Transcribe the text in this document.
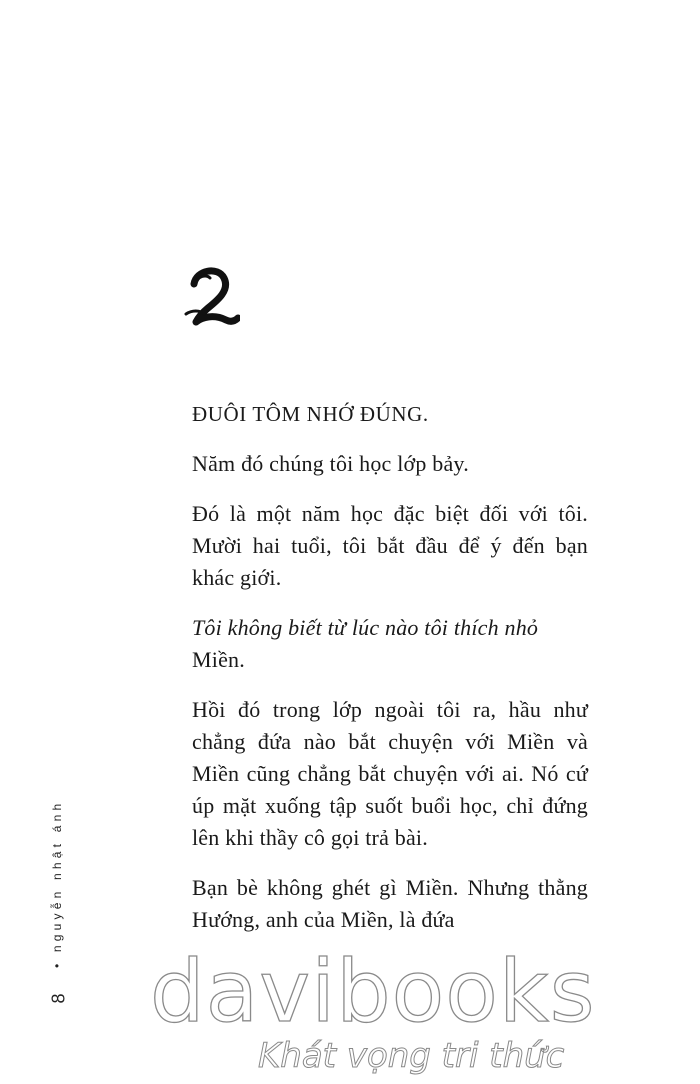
ĐUÔI TÔM NHỚ ĐÚNG.

Năm đó chúng tôi học lớp bảy.

Đó là một năm học đặc biệt đối với tôi. Mười hai tuổi, tôi bắt đầu để ý đến bạn khác giới.

Tôi không biết từ lúc nào tôi thích nhỏ
Miền.

Hồi đó trong lớp ngoài tôi ra, hầu như chẳng đứa nào bắt chuyện với Miền và Miền cũng chẳng bắt chuyện với ai. Nó cứ úp mặt xuống tập suốt buổi học, chỉ đứng lên khi thầy cô gọi trả bài.

Bạn bè không ghét gì Miền. Nhưng thằng Hướng, anh của Miền, là đứa

• nguyễn nhật ánh
8 davibooks
Khát vọng tri thức
